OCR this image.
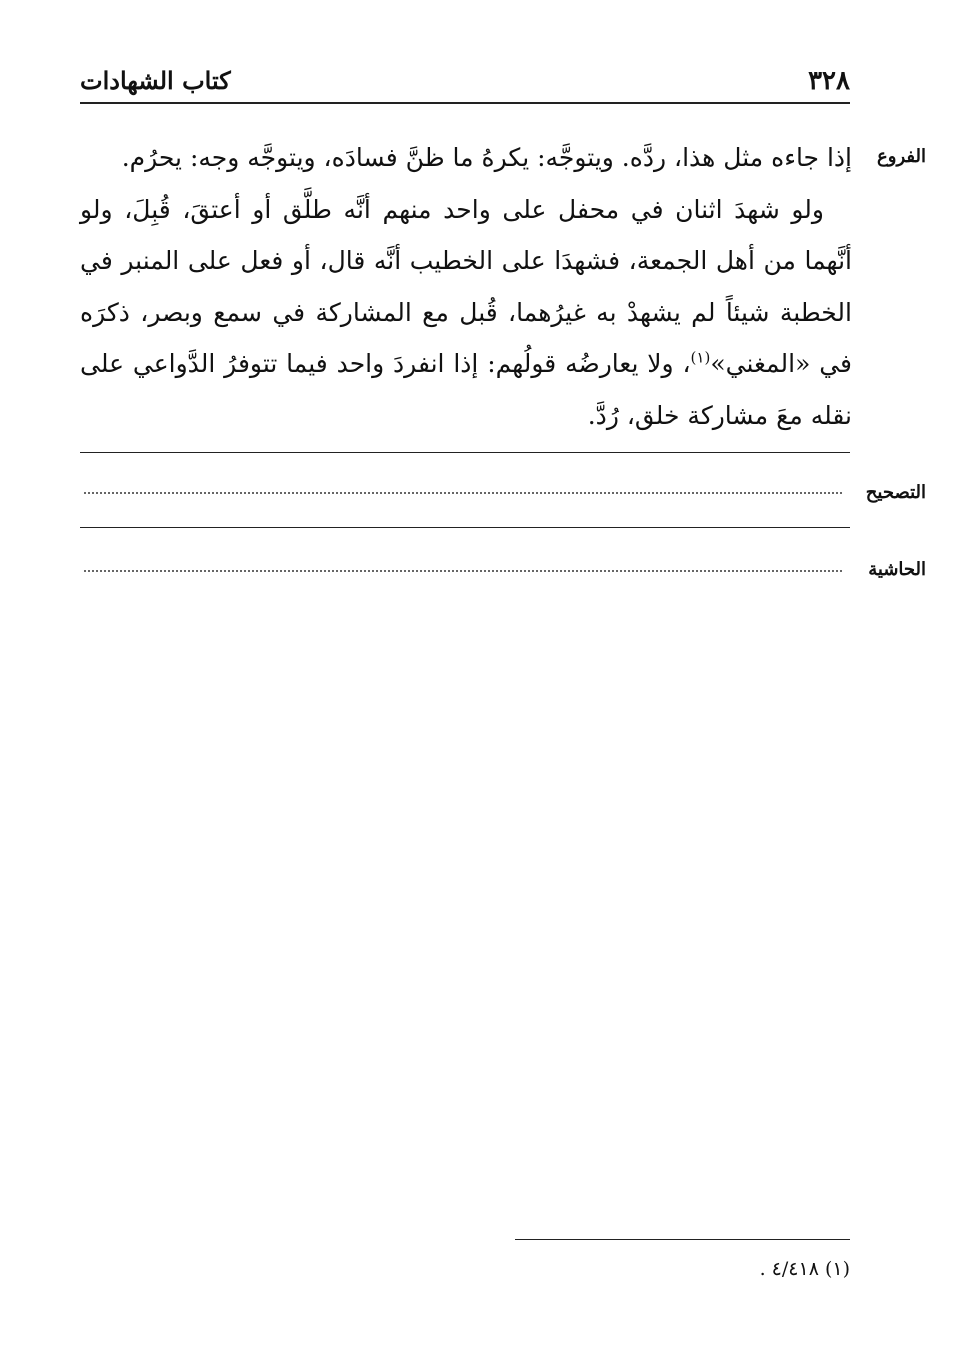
٣٢٨
كتاب الشهادات
الفروع

إذا جاءه مثل هذا، ردَّه. ويتوجَّه: يكرهُ ما ظنَّ فسادَه، ويتوجَّه وجه: يحرُم.

ولو شهدَ اثنان في محفل على واحد منهم أنَّه طلَّق أو أعتقَ، قُبِلَ، ولو أنَّهما من أهل الجمعة، فشهدَا على الخطيب أنَّه قال، أو فعل على المنبر في الخطبة شيئاً لم يشهدْ به غيرُهما، قُبل مع المشاركة في سمع وبصر، ذكرَه في «المغني»$^{(١)}$، ولا يعارضُه قولُهم: إذا انفردَ واحد فيما تتوفرُ الدَّواعي على نقله معَ مشاركة خلق، رُدَّ.

التصحيح
الحاشية
(١) ٤/٤١٨ .
